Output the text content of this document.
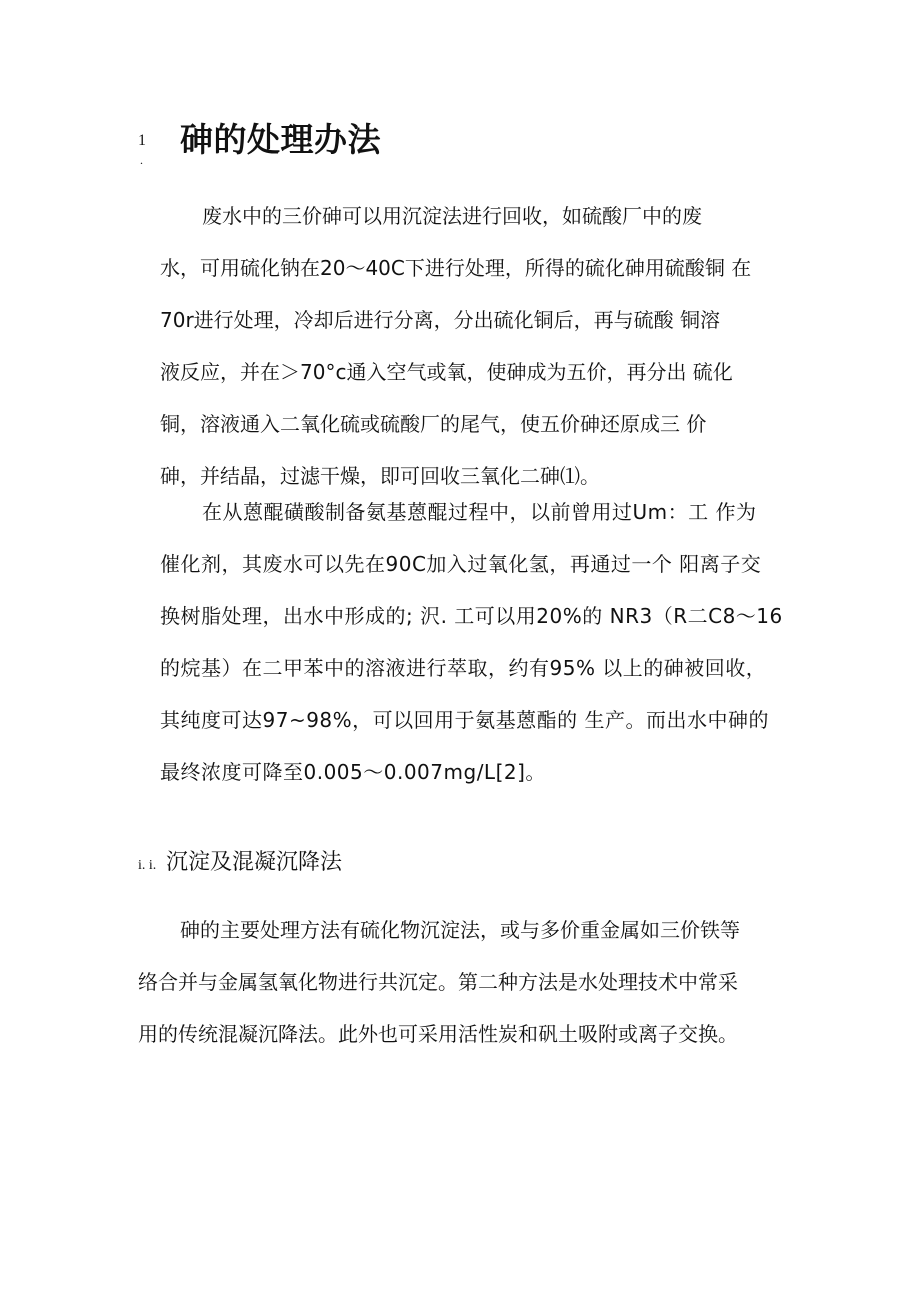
1
.
砷的处理办法
废水中的三价砷可以用沉淀法进行回收，如硫酸厂中的废
水，可用硫化钠在20〜40C下进行处理，所得的硫化砷用硫酸铜 在
70r进行处理，冷却后进行分离，分出硫化铜后，再与硫酸 铜溶
液反应，并在＞70°c通入空气或氧，使砷成为五价，再分出 硫化
铜，溶液通入二氧化硫或硫酸厂的尾气，使五价砷还原成三 价
砷，并结晶，过滤干燥，即可回收三氧化二砷⑴。
在从蒽醌磺酸制备氨基蒽醌过程中，以前曾用过Um：工 作为
催化剂，其废水可以先在90C加入过氧化氢，再通过一个 阳离子交
换树脂处理，出水中形成的; 沢. 工可以用20%的 NR3（R二C8〜16
的烷基）在二甲苯中的溶液进行萃取，约有95% 以上的砷被回收，
其纯度可达97~98%，可以回用于氨基蒽酯的 生产。而出水中砷的
最终浓度可降至0.005〜0.007mg/L[2]。
i. i. 沉淀及混凝沉降法
砷的主要处理方法有硫化物沉淀法，或与多价重金属如三价铁等
络合并与金属氢氧化物进行共沉定。第二种方法是水处理技术中常采
用的传统混凝沉降法。此外也可采用活性炭和矾土吸附或离子交换。
